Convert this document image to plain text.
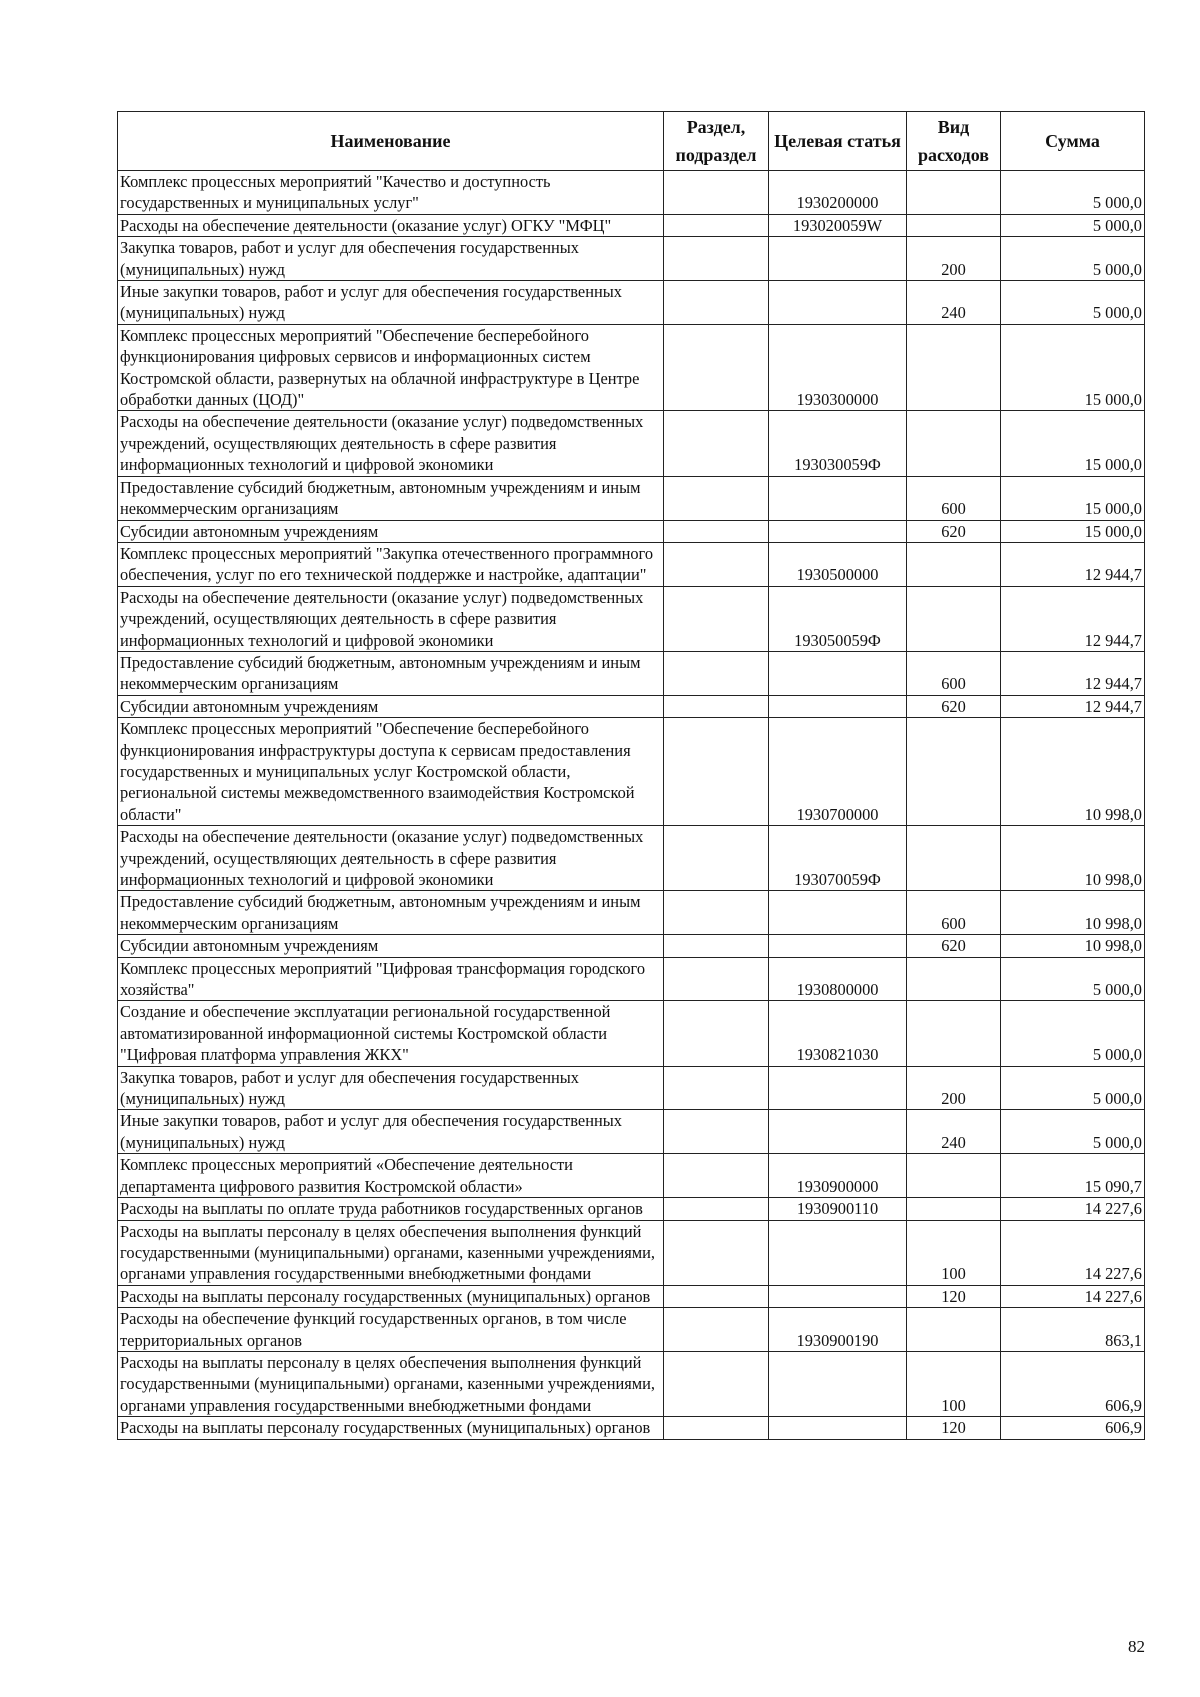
Наименование	Раздел, подраздел	Целевая статья	Вид расходов	Сумма
Комплекс процессных мероприятий "Качество и доступность государственных и муниципальных услуг"		1930200000		5 000,0
Расходы на обеспечение деятельности (оказание услуг) ОГКУ "МФЦ"		193020059W		5 000,0
Закупка товаров, работ и услуг для обеспечения государственных (муниципальных) нужд			200	5 000,0
Иные закупки товаров, работ и услуг для обеспечения государственных (муниципальных) нужд			240	5 000,0
Комплекс процессных мероприятий "Обеспечение бесперебойного функционирования цифровых сервисов и информационных систем Костромской области, развернутых на облачной инфраструктуре в Центре обработки данных (ЦОД)"		1930300000		15 000,0
Расходы на обеспечение деятельности (оказание услуг) подведомственных учреждений, осуществляющих деятельность в сфере развития информационных технологий и цифровой экономики		193030059Ф		15 000,0
Предоставление субсидий бюджетным, автономным учреждениям и иным некоммерческим организациям			600	15 000,0
Субсидии автономным учреждениям			620	15 000,0
Комплекс процессных мероприятий "Закупка отечественного программного обеспечения, услуг по его технической поддержке и настройке, адаптации"		1930500000		12 944,7
Расходы на обеспечение деятельности (оказание услуг) подведомственных учреждений, осуществляющих деятельность в сфере развития информационных технологий и цифровой экономики		193050059Ф		12 944,7
Предоставление субсидий бюджетным, автономным учреждениям и иным некоммерческим организациям			600	12 944,7
Субсидии автономным учреждениям			620	12 944,7
Комплекс процессных мероприятий "Обеспечение бесперебойного функционирования инфраструктуры доступа к сервисам предоставления государственных и муниципальных услуг Костромской области, региональной системы межведомственного взаимодействия Костромской области"		1930700000		10 998,0
Расходы на обеспечение деятельности (оказание услуг) подведомственных учреждений, осуществляющих деятельность в сфере развития информационных технологий и цифровой экономики		193070059Ф		10 998,0
Предоставление субсидий бюджетным, автономным учреждениям и иным некоммерческим организациям			600	10 998,0
Субсидии автономным учреждениям			620	10 998,0
Комплекс процессных мероприятий "Цифровая трансформация городского хозяйства"		1930800000		5 000,0
Создание и обеспечение эксплуатации региональной государственной автоматизированной информационной системы Костромской области "Цифровая платформа управления ЖКХ"		1930821030		5 000,0
Закупка товаров, работ и услуг для обеспечения государственных (муниципальных) нужд			200	5 000,0
Иные закупки товаров, работ и услуг для обеспечения государственных (муниципальных) нужд			240	5 000,0
Комплекс процессных мероприятий «Обеспечение деятельности департамента цифрового развития Костромской области»		1930900000		15 090,7
Расходы на выплаты по оплате труда работников государственных органов		1930900110		14 227,6
Расходы на выплаты персоналу в целях обеспечения выполнения функций государственными (муниципальными) органами, казенными учреждениями, органами управления государственными внебюджетными фондами			100	14 227,6
Расходы на выплаты персоналу государственных (муниципальных) органов			120	14 227,6
Расходы на обеспечение функций государственных органов, в том числе территориальных органов		1930900190		863,1
Расходы на выплаты персоналу в целях обеспечения выполнения функций государственными (муниципальными) органами, казенными учреждениями, органами управления государственными внебюджетными фондами			100	606,9
Расходы на выплаты персоналу государственных (муниципальных) органов			120	606,9
82
